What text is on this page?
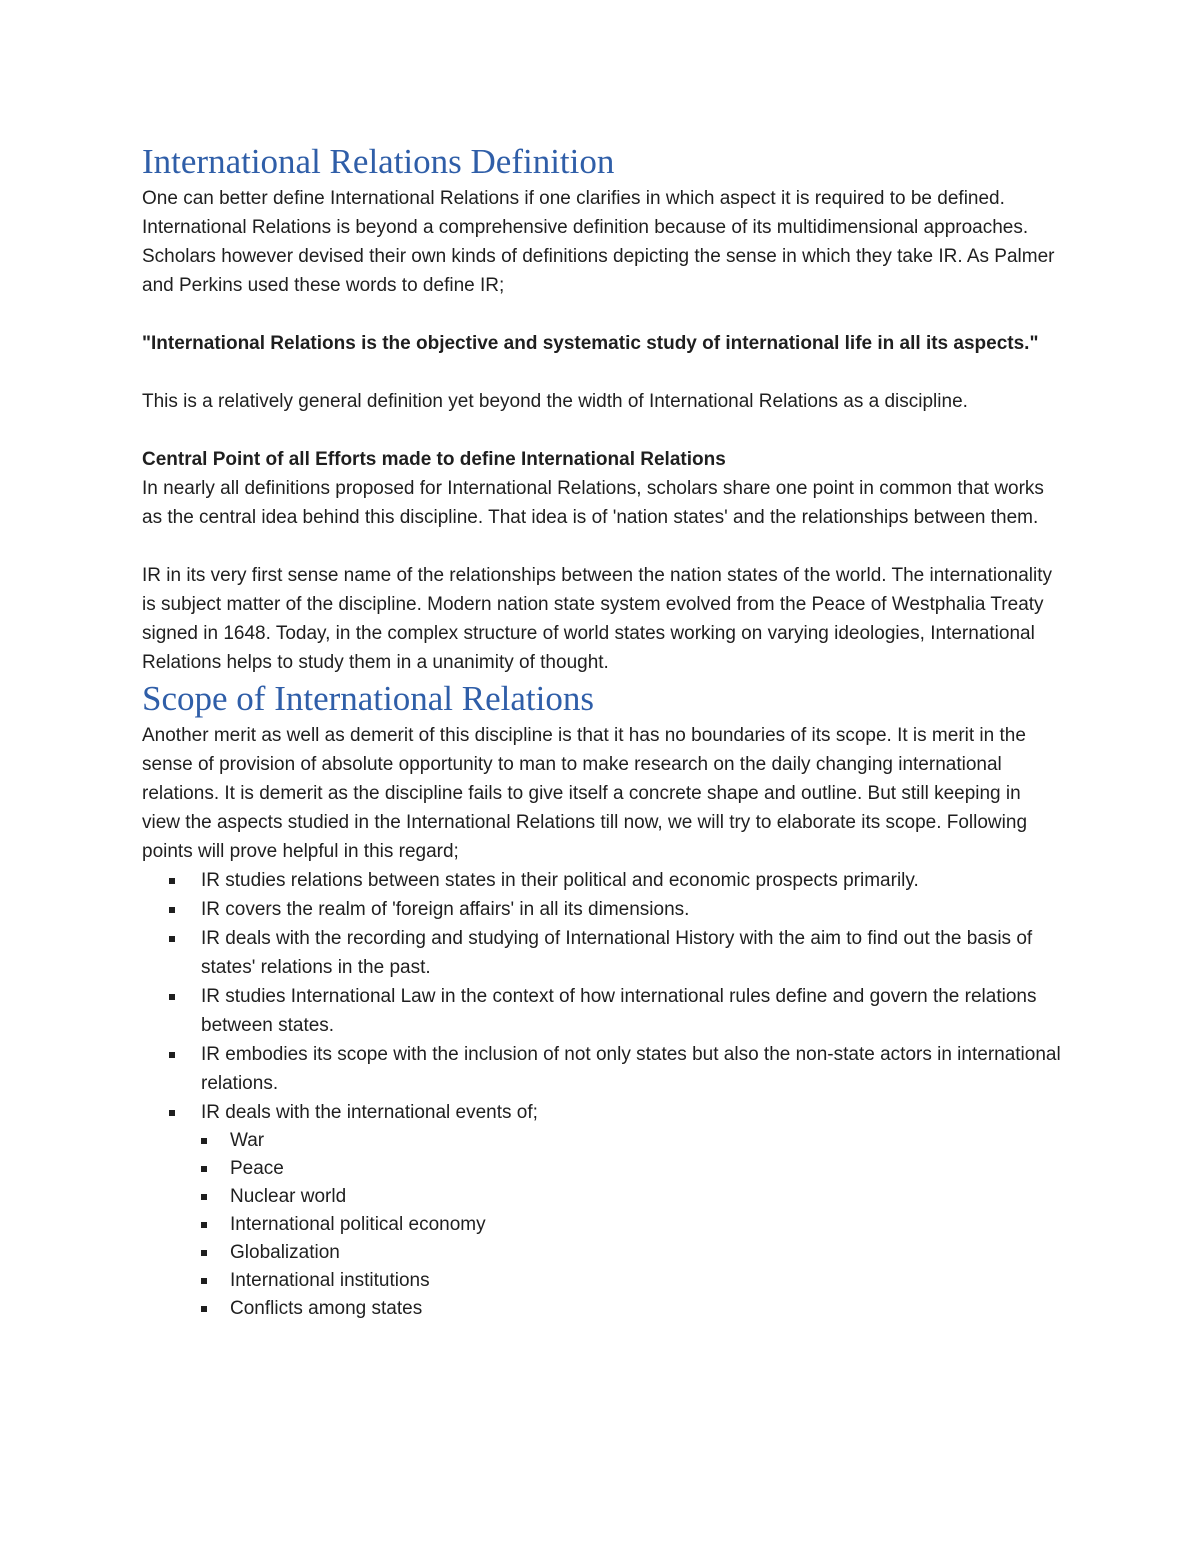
International Relations Definition

One can better define International Relations if one clarifies in which aspect it is required to be defined. International Relations is beyond a comprehensive definition because of its multidimensional approaches. Scholars however devised their own kinds of definitions depicting the sense in which they take IR. As Palmer and Perkins used these words to define IR;

"International Relations is the objective and systematic study of international life in all its aspects."

This is a relatively general definition yet beyond the width of International Relations as a discipline.

Central Point of all Efforts made to define International Relations

In nearly all definitions proposed for International Relations, scholars share one point in common that works as the central idea behind this discipline. That idea is of 'nation states' and the relationships between them.

IR in its very first sense name of the relationships between the nation states of the world. The internationality is subject matter of the discipline. Modern nation state system evolved from the Peace of Westphalia Treaty signed in 1648. Today, in the complex structure of world states working on varying ideologies, International Relations helps to study them in a unanimity of thought.

Scope of International Relations

Another merit as well as demerit of this discipline is that it has no boundaries of its scope. It is merit in the sense of provision of absolute opportunity to man to make research on the daily changing international relations. It is demerit as the discipline fails to give itself a concrete shape and outline. But still keeping in view the aspects studied in the International Relations till now, we will try to elaborate its scope. Following points will prove helpful in this regard;

IR studies relations between states in their political and economic prospects primarily.
IR covers the realm of 'foreign affairs' in all its dimensions.
IR deals with the recording and studying of International History with the aim to find out the basis of states' relations in the past.
IR studies International Law in the context of how international rules define and govern the relations between states.
IR embodies its scope with the inclusion of not only states but also the non-state actors in international relations.
IR deals with the international events of;
War
Peace
Nuclear world
International political economy
Globalization
International institutions
Conflicts among states
